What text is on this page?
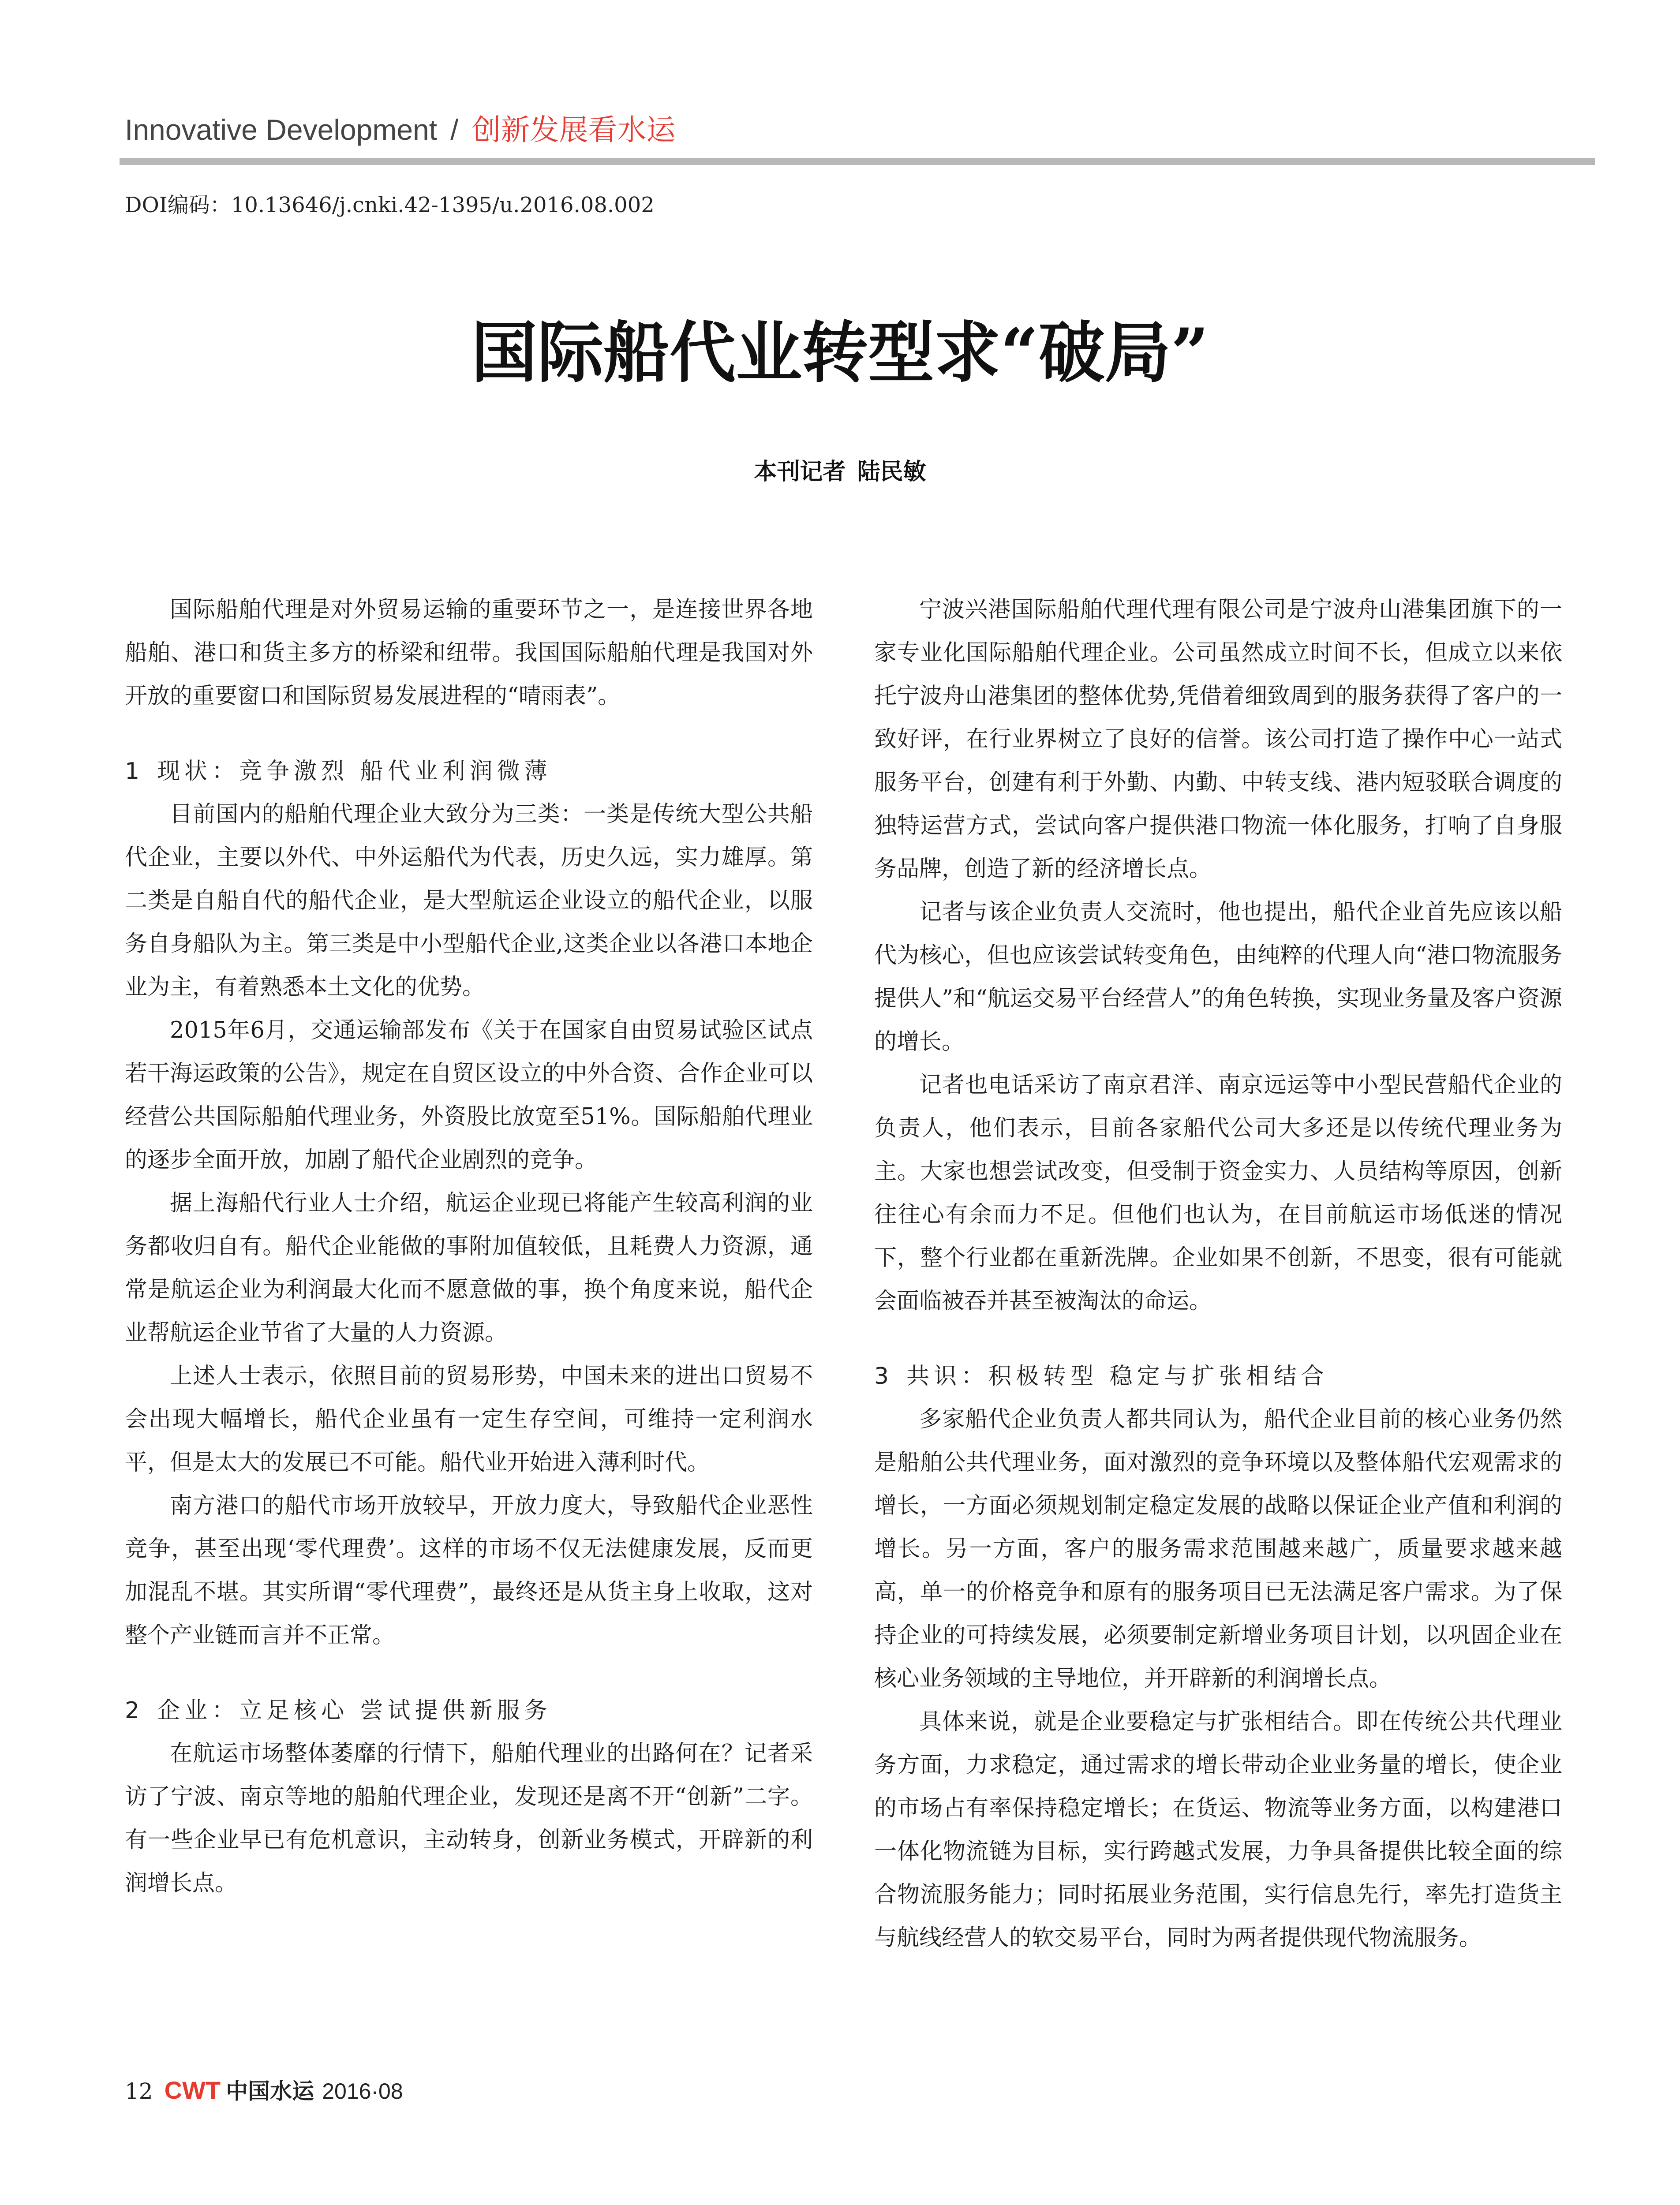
Innovative Development / 创新发展看水运
DOI编码：10.13646/j.cnki.42-1395/u.2016.08.002
国际船代业转型求“破局”
本刊记者 陆民敏

国际船舶代理是对外贸易运输的重要环节之一，是连接世界各地船舶、港口和货主多方的桥梁和纽带。我国国际船舶代理是我国对外开放的重要窗口和国际贸易发展进程的“晴雨表”。

1 现状：竞争激烈 船代业利润微薄

目前国内的船舶代理企业大致分为三类：一类是传统大型公共船代企业，主要以外代、中外运船代为代表，历史久远，实力雄厚。第二类是自船自代的船代企业，是大型航运企业设立的船代企业，以服务自身船队为主。第三类是中小型船代企业,这类企业以各港口本地企业为主，有着熟悉本土文化的优势。

2015年6月，交通运输部发布《关于在国家自由贸易试验区试点若干海运政策的公告》，规定在自贸区设立的中外合资、合作企业可以经营公共国际船舶代理业务，外资股比放宽至51%。国际船舶代理业的逐步全面开放，加剧了船代企业剧烈的竞争。

据上海船代行业人士介绍，航运企业现已将能产生较高利润的业务都收归自有。船代企业能做的事附加值较低，且耗费人力资源，通常是航运企业为利润最大化而不愿意做的事，换个角度来说，船代企业帮航运企业节省了大量的人力资源。

上述人士表示，依照目前的贸易形势，中国未来的进出口贸易不会出现大幅增长，船代企业虽有一定生存空间，可维持一定利润水平，但是太大的发展已不可能。船代业开始进入薄利时代。

南方港口的船代市场开放较早，开放力度大，导致船代企业恶性竞争，甚至出现‘零代理费’。这样的市场不仅无法健康发展，反而更加混乱不堪。其实所谓“零代理费”，最终还是从货主身上收取，这对整个产业链而言并不正常。

2 企业：立足核心 尝试提供新服务

在航运市场整体萎靡的行情下，船舶代理业的出路何在？记者采访了宁波、南京等地的船舶代理企业，发现还是离不开“创新”二字。有一些企业早已有危机意识，主动转身，创新业务模式，开辟新的利润增长点。

宁波兴港国际船舶代理代理有限公司是宁波舟山港集团旗下的一家专业化国际船舶代理企业。公司虽然成立时间不长，但成立以来依托宁波舟山港集团的整体优势,凭借着细致周到的服务获得了客户的一致好评，在行业界树立了良好的信誉。该公司打造了操作中心一站式服务平台，创建有利于外勤、内勤、中转支线、港内短驳联合调度的独特运营方式，尝试向客户提供港口物流一体化服务，打响了自身服务品牌，创造了新的经济增长点。

记者与该企业负责人交流时，他也提出，船代企业首先应该以船代为核心，但也应该尝试转变角色，由纯粹的代理人向“港口物流服务提供人”和“航运交易平台经营人”的角色转换，实现业务量及客户资源的增长。

记者也电话采访了南京君洋、南京远运等中小型民营船代企业的负责人，他们表示，目前各家船代公司大多还是以传统代理业务为主。大家也想尝试改变，但受制于资金实力、人员结构等原因，创新往往心有余而力不足。但他们也认为，在目前航运市场低迷的情况下，整个行业都在重新洗牌。企业如果不创新，不思变，很有可能就会面临被吞并甚至被淘汰的命运。

3 共识：积极转型 稳定与扩张相结合

多家船代企业负责人都共同认为，船代企业目前的核心业务仍然是船舶公共代理业务，面对激烈的竞争环境以及整体船代宏观需求的增长，一方面必须规划制定稳定发展的战略以保证企业产值和利润的增长。另一方面，客户的服务需求范围越来越广，质量要求越来越高，单一的价格竞争和原有的服务项目已无法满足客户需求。为了保持企业的可持续发展，必须要制定新增业务项目计划，以巩固企业在核心业务领域的主导地位，并开辟新的利润增长点。

具体来说，就是企业要稳定与扩张相结合。即在传统公共代理业务方面，力求稳定，通过需求的增长带动企业业务量的增长，使企业的市场占有率保持稳定增长；在货运、物流等业务方面，以构建港口一体化物流链为目标，实行跨越式发展，力争具备提供比较全面的综合物流服务能力；同时拓展业务范围，实行信息先行，率先打造货主与航线经营人的软交易平台，同时为两者提供现代物流服务。

12 CWT 中国水运 2016·08
